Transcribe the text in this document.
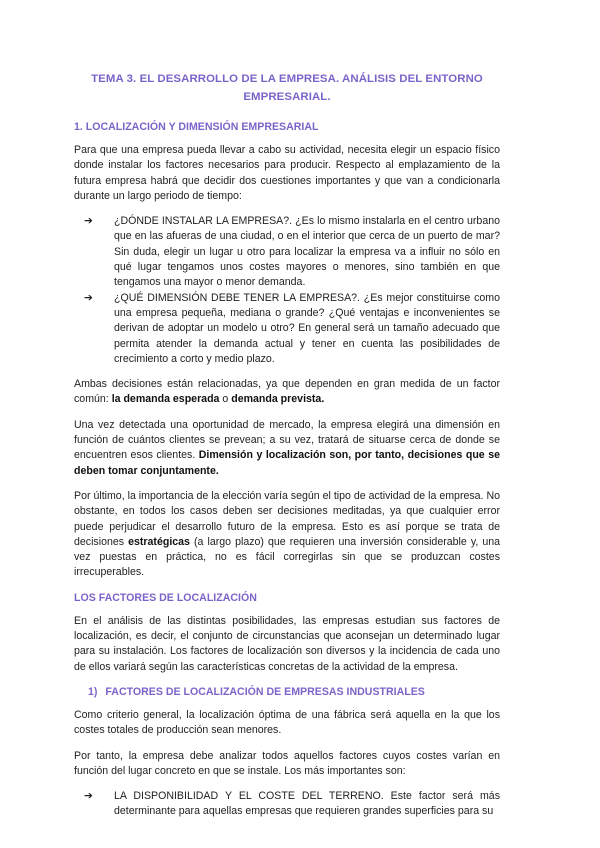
TEMA 3. EL DESARROLLO DE LA EMPRESA. ANÁLISIS DEL ENTORNO EMPRESARIAL.
1. LOCALIZACIÓN Y DIMENSIÓN EMPRESARIAL

Para que una empresa pueda llevar a cabo su actividad, necesita elegir un espacio físico donde instalar los factores necesarios para producir. Respecto al emplazamiento de la futura empresa habrá que decidir dos cuestiones importantes y que van a condicionarla durante un largo periodo de tiempo:

➔ ¿DÓNDE INSTALAR LA EMPRESA?. ¿Es lo mismo instalarla en el centro urbano que en las afueras de una ciudad, o en el interior que cerca de un puerto de mar? Sin duda, elegir un lugar u otro para localizar la empresa va a influir no sólo en qué lugar tengamos unos costes mayores o menores, sino también en que tengamos una mayor o menor demanda.
➔ ¿QUÉ DIMENSIÓN DEBE TENER LA EMPRESA?. ¿Es mejor constituirse como una empresa pequeña, mediana o grande? ¿Qué ventajas e inconvenientes se derivan de adoptar un modelo u otro? En general será un tamaño adecuado que permita atender la demanda actual y tener en cuenta las posibilidades de crecimiento a corto y medio plazo.

Ambas decisiones están relacionadas, ya que dependen en gran medida de un factor común: la demanda esperada o demanda prevista.

Una vez detectada una oportunidad de mercado, la empresa elegirá una dimensión en función de cuántos clientes se prevean; a su vez, tratará de situarse cerca de donde se encuentren esos clientes. Dimensión y localización son, por tanto, decisiones que se deben tomar conjuntamente.

Por último, la importancia de la elección varía según el tipo de actividad de la empresa. No obstante, en todos los casos deben ser decisiones meditadas, ya que cualquier error puede perjudicar el desarrollo futuro de la empresa. Esto es así porque se trata de decisiones estratégicas (a largo plazo) que requieren una inversión considerable y, una vez puestas en práctica, no es fácil corregirlas sin que se produzcan costes irrecuperables.

LOS FACTORES DE LOCALIZACIÓN

En el análisis de las distintas posibilidades, las empresas estudian sus factores de localización, es decir, el conjunto de circunstancias que aconsejan un determinado lugar para su instalación. Los factores de localización son diversos y la incidencia de cada uno de ellos variará según las características concretas de la actividad de la empresa.

1) FACTORES DE LOCALIZACIÓN DE EMPRESAS INDUSTRIALES

Como criterio general, la localización óptima de una fábrica será aquella en la que los costes totales de producción sean menores.

Por tanto, la empresa debe analizar todos aquellos factores cuyos costes varían en función del lugar concreto en que se instale. Los más importantes son:

➔ LA DISPONIBILIDAD Y EL COSTE DEL TERRENO. Este factor será más determinante para aquellas empresas que requieren grandes superficies para su
